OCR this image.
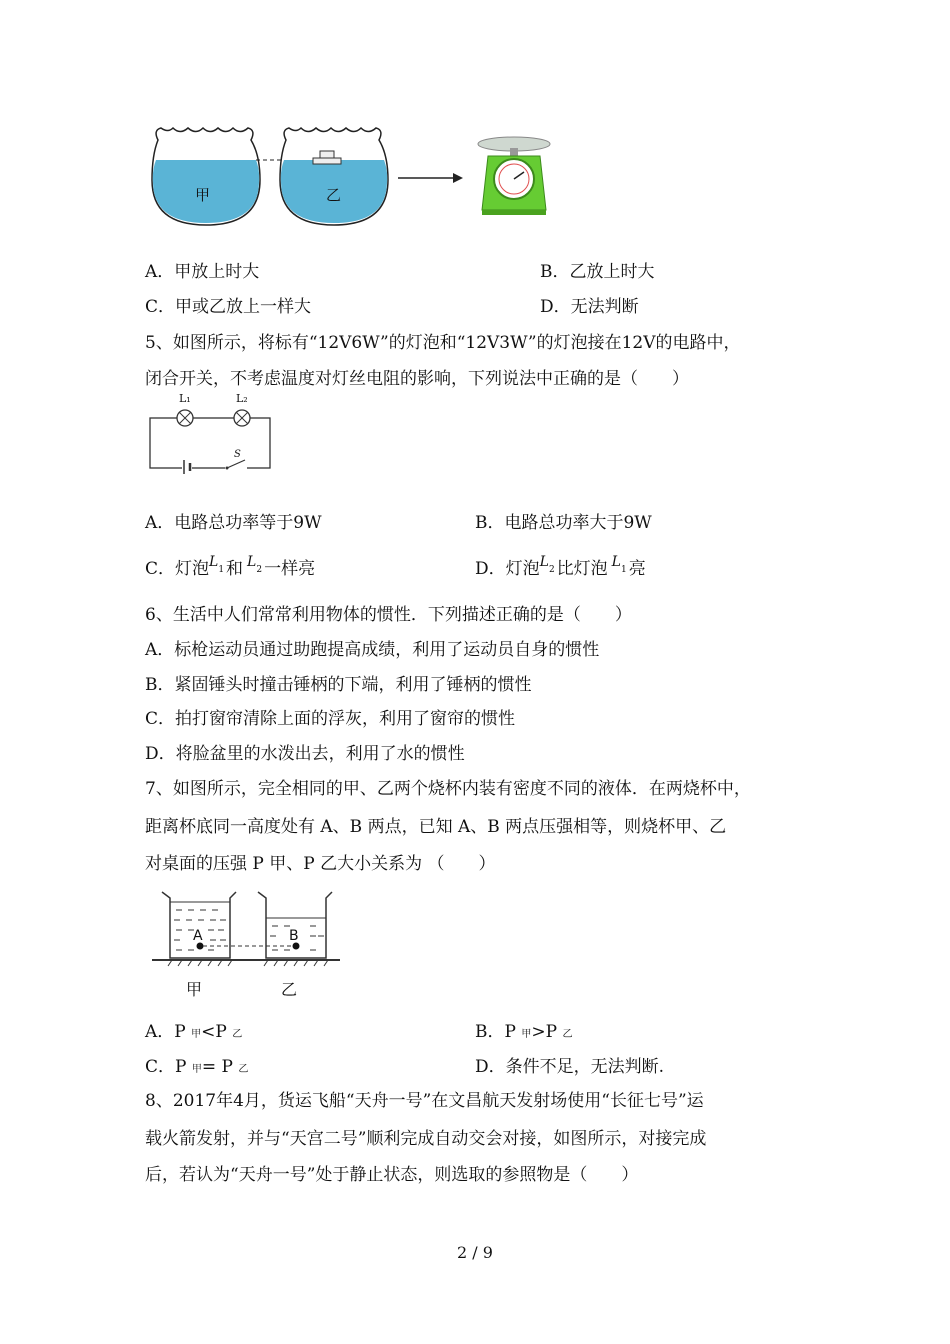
甲	乙
A．甲放上时大	B．乙放上时大
C．甲或乙放上一样大	D．无法判断
5、如图所示，将标有“12V6W”的灯泡和“12V3W”的灯泡接在12V的电路中，
闭合开关，不考虑温度对灯丝电阻的影响，下列说法中正确的是（　　）
L₁	L₂
S
A．电路总功率等于9W	B．电路总功率大于9W
C．灯泡$^L$1 和 $^L$2 一样亮	D．灯泡$^L$2 比灯泡 $^L$1 亮
6、生活中人们常常利用物体的惯性．下列描述正确的是（　　）
A．标枪运动员通过助跑提高成绩，利用了运动员自身的惯性
B．紧固锤头时撞击锤柄的下端，利用了锤柄的惯性
C．拍打窗帘清除上面的浮灰，利用了窗帘的惯性
D．将脸盆里的水泼出去，利用了水的惯性
7、如图所示，完全相同的甲、乙两个烧杯内装有密度不同的液体．在两烧杯中，
距离杯底同一高度处有 A、B 两点，已知 A、B 两点压强相等，则烧杯甲、乙
对桌面的压强 P 甲、P 乙大小关系为 （　　）
A	B
甲	乙
A．P 甲<P 乙	B．P 甲>P 乙
C．P 甲= P 乙	D．条件不足，无法判断.
8、2017年4月，货运飞船“天舟一号”在文昌航天发射场使用“长征七号”运
载火箭发射，并与“天宫二号”顺利完成自动交会对接，如图所示，对接完成
后，若认为“天舟一号”处于静止状态，则选取的参照物是（　　）
2 / 9
